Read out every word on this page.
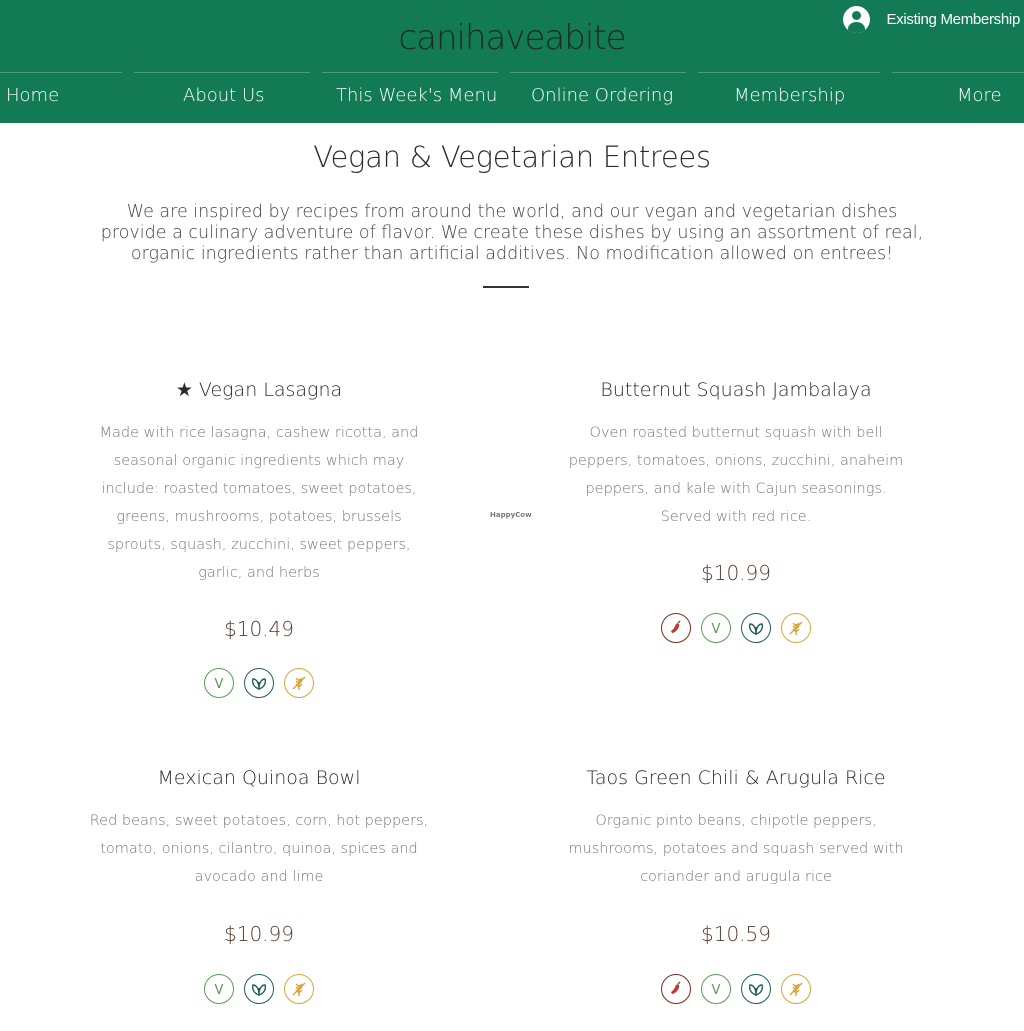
canihaveabite	Existing Membership
Home	About Us	This Week's Menu Online Ordering	Membership	More
Vegan & Vegetarian Entrees
We are inspired by recipes from around the world, and our vegan and vegetarian dishes provide a culinary adventure of flavor. We create these dishes by using an assortment of real, organic ingredients rather than artificial additives. No modification allowed on entrees!
HappyCow
★ Vegan Lasagna
Made with rice lasagna, cashew ricotta, and seasonal organic ingredients which may include: roasted tomatoes, sweet potatoes, greens, mushrooms, potatoes, brussels sprouts, squash, zucchini, sweet peppers, garlic, and herbs
$10.49
V
Butternut Squash Jambalaya
Oven roasted butternut squash with bell peppers, tomatoes, onions, zucchini, anaheim peppers, and kale with Cajun seasonings. Served with red rice.
$10.99
V
Mexican Quinoa Bowl
Red beans, sweet potatoes, corn, hot peppers, tomato, onions, cilantro, quinoa, spices and avocado and lime
$10.99
V
Taos Green Chili & Arugula Rice
Organic pinto beans, chipotle peppers, mushrooms, potatoes and squash served with coriander and arugula rice
$10.59
V
